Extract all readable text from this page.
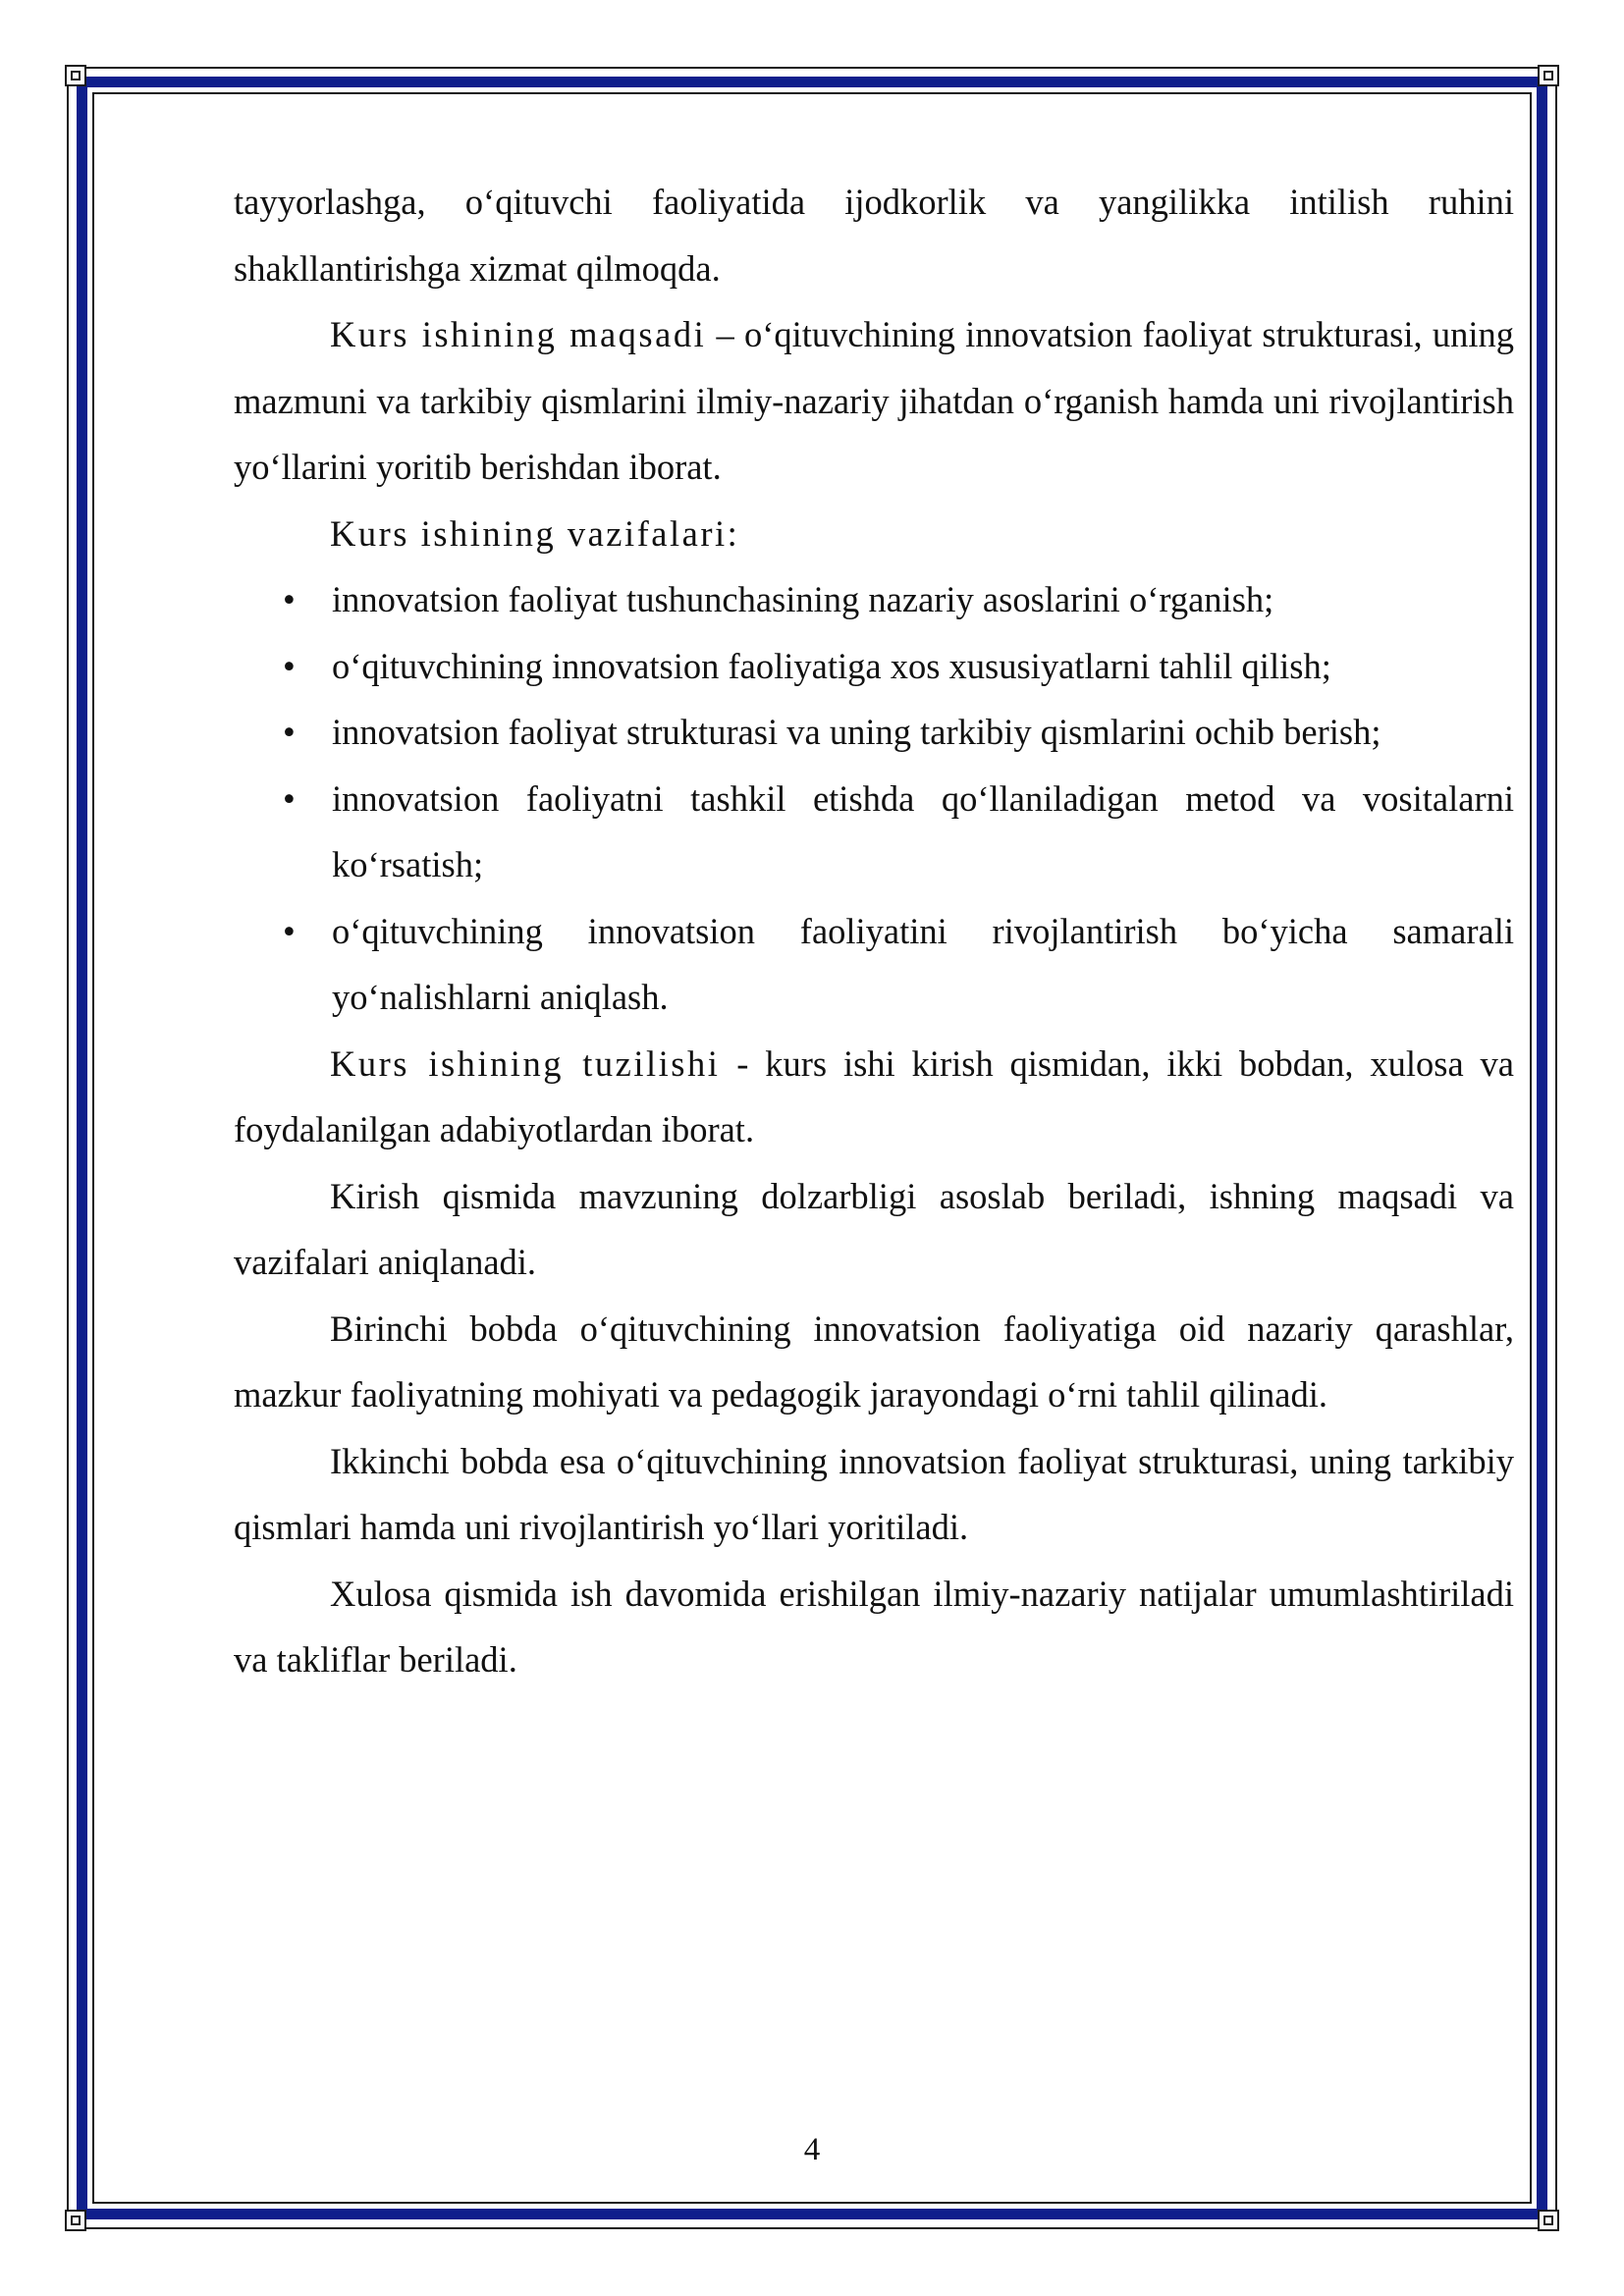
tayyorlashga, o‘qituvchi faoliyatida ijodkorlik va yangilikka intilish ruhini shakllantirishga xizmat qilmoqda.

Kurs ishining maqsadi – o‘qituvchining innovatsion faoliyat strukturasi, uning mazmuni va tarkibiy qismlarini ilmiy-nazariy jihatdan o‘rganish hamda uni rivojlantirish yo‘llarini yoritib berishdan iborat.

Kurs ishining vazifalari:

• innovatsion faoliyat tushunchasining nazariy asoslarini o‘rganish;
• o‘qituvchining innovatsion faoliyatiga xos xususiyatlarni tahlil qilish;
• innovatsion faoliyat strukturasi va uning tarkibiy qismlarini ochib berish;
• innovatsion faoliyatni tashkil etishda qo‘llaniladigan metod va vositalarni ko‘rsatish;
• o‘qituvchining innovatsion faoliyatini rivojlantirish bo‘yicha samarali yo‘nalishlarni aniqlash.

Kurs ishining tuzilishi - kurs ishi kirish qismidan, ikki bobdan, xulosa va foydalanilgan adabiyotlardan iborat.

Kirish qismida mavzuning dolzarbligi asoslab beriladi, ishning maqsadi va vazifalari aniqlanadi.

Birinchi bobda o‘qituvchining innovatsion faoliyatiga oid nazariy qarashlar, mazkur faoliyatning mohiyati va pedagogik jarayondagi o‘rni tahlil qilinadi.

Ikkinchi bobda esa o‘qituvchining innovatsion faoliyat strukturasi, uning tarkibiy qismlari hamda uni rivojlantirish yo‘llari yoritiladi.

Xulosa qismida ish davomida erishilgan ilmiy-nazariy natijalar umumlashtiriladi va takliflar beriladi.

4
